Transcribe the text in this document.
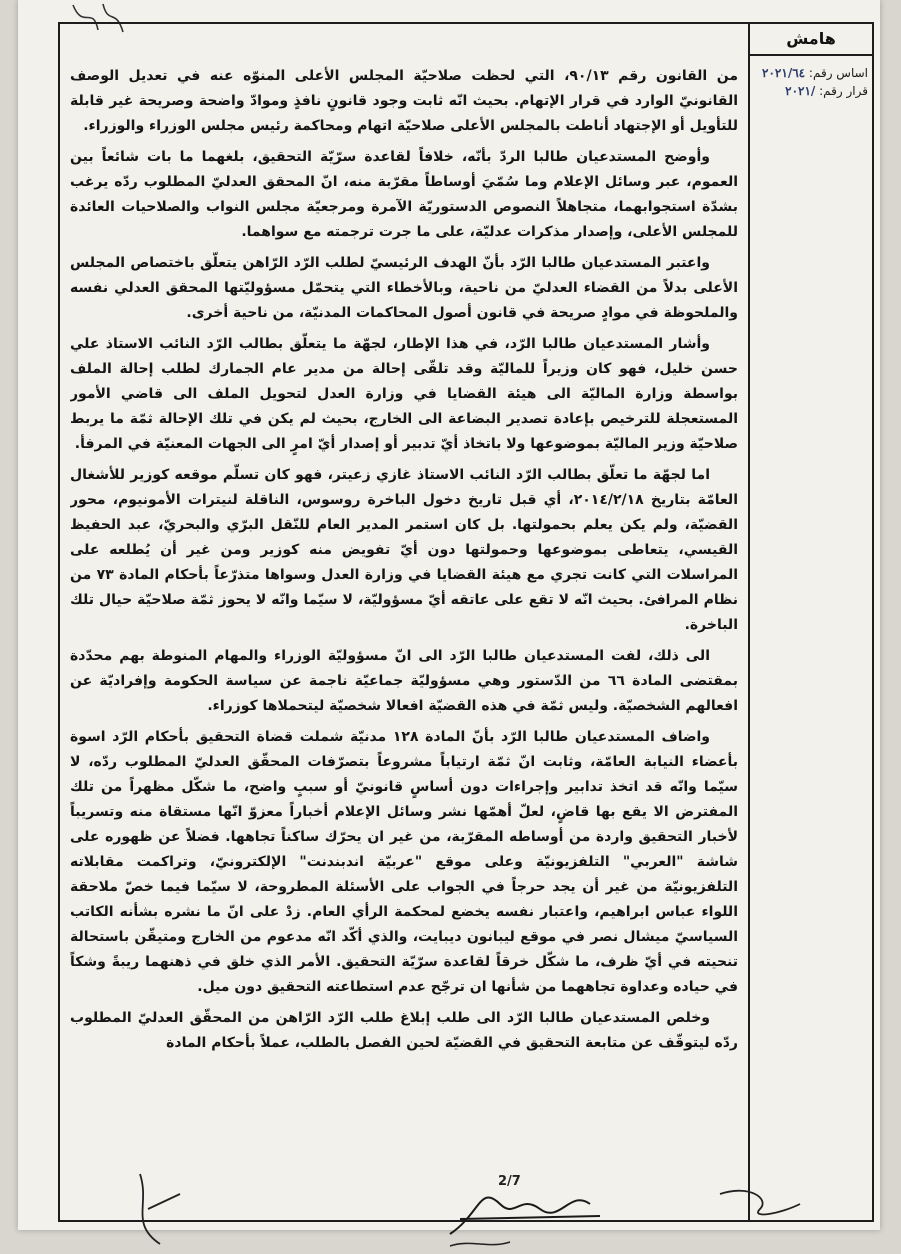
هامش
اساس رقم: ٢٠٢١/٦٤
قرار رقم: /٢٠٢١

من القانون رقم ٩٠/١٣، التي لحظت صلاحيّة المجلس الأعلى المنوّه عنه في تعديل الوصف القانونيّ الوارد في قرار الإتهام. بحيث انّه ثابت وجود قانونٍ نافذٍ وموادّ واضحة وصريحة غير قابلة للتأويل أو الإجتهاد أناطت بالمجلس الأعلى صلاحيّة اتهام ومحاكمة رئيس مجلس الوزراء والوزراء.

وأوضح المستدعيان طالبا الردّ بأنّه، خلافاً لقاعدة سرّيّة التحقيق، بلغهما ما بات شائعاً بين العموم، عبر وسائل الإعلام وما سُمّيَ أوساطاً مقرّبة منه، انّ المحقق العدليّ المطلوب ردّه يرغب بشدّة استجوابهما، متجاهلاً النصوص الدستوريّة الآمرة ومرجعيّة مجلس النواب والصلاحيات العائدة للمجلس الأعلى، وإصدار مذكرات عدليّة، على ما جرت ترجمته مع سواهما.

واعتبر المستدعيان طالبا الرّد بأنّ الهدف الرئيسيّ لطلب الرّد الرّاهن يتعلّق باختصاص المجلس الأعلى بدلاً من القضاء العدليّ من ناحية، وبالأخطاء التي يتحمّل مسؤوليّتها المحقق العدلي نفسه والملحوظة في موادٍ صريحة في قانون أصول المحاكمات المدنيّة، من ناحية أخرى.

وأشار المستدعيان طالبا الرّد، في هذا الإطار، لجهّة ما يتعلّق بطالب الرّد النائب الاستاذ علي حسن خليل، فهو كان وزيراً للماليّة وقد تلقّى إحالة من مدير عام الجمارك لطلب إحالة الملف بواسطة وزارة الماليّة الى هيئة القضايا في وزارة العدل لتحويل الملف الى قاضي الأمور المستعجلة للترخيص بإعادة تصدير البضاعة الى الخارج، بحيث لم يكن في تلك الإحالة ثمّة ما يربط صلاحيّة وزير الماليّة بموضوعها ولا باتخاذ أيّ تدبير أو إصدار أيّ امرٍ الى الجهات المعنيّة في المرفأ.

اما لجهّة ما تعلّق بطالب الرّد النائب الاستاذ غازي زعيتر، فهو كان تسلّم موقعه كوزير للأشغال العامّة بتاريخ ٢٠١٤/٢/١٨، أي قبل تاريخ دخول الباخرة روسوس، الناقلة لنيترات الأمونيوم، محور القضيّة، ولم يكن يعلم بحمولتها. بل كان استمر المدير العام للنّقل البرّي والبحريّ، عبد الحفيظ القيسي، يتعاطى بموضوعها وحمولتها دون أيّ تفويض منه كوزير ومن غير أن يُطلعه على المراسلات التي كانت تجري مع هيئة القضايا في وزارة العدل وسواها متذرّعاً بأحكام المادة ٧٣ من نظام المرافئ. بحيث انّه لا تقع على عاتقه أيّ مسؤوليّة، لا سيّما وانّه لا يحوز ثمّة صلاحيّة حيال تلك الباخرة.

الى ذلك، لفت المستدعيان طالبا الرّد الى انّ مسؤوليّة الوزراء والمهام المنوطة بهم محدّدة بمقتضى المادة ٦٦ من الدّستور وهي مسؤوليّة جماعيّة ناجمة عن سياسة الحكومة وإفراديّة عن افعالهم الشخصيّة. وليس ثمّة في هذه القضيّة افعالا شخصيّة ليتحملاها كوزراء.

واضاف المستدعيان طالبا الرّد بأنّ المادة ١٢٨ مدنيّة شملت قضاة التحقيق بأحكام الرّد اسوة بأعضاء النيابة العامّة، وثابت انّ ثمّة ارتياباً مشروعاً بتصرّفات المحقّق العدليّ المطلوب ردّه، لا سيّما وانّه قد اتخذ تدابير وإجراءات دون أساسٍ قانونيّ أو سببٍ واضح، ما شكّل مظهراً من تلك المفترض الا يقع بها قاضٍ، لعلّ أهمّها نشر وسائل الإعلام أخباراً معزوّ انّها مستقاة منه وتسريباً لأخبار التحقيق واردة من أوساطه المقرّبة، من غير ان يحرّك ساكناً تجاهها. فضلاً عن ظهوره على شاشة "العربي" التلفزيونيّة وعلى موقع "عربيّة اندبندنت" الإلكترونيّ، وتراكمت مقابلاته التلفزيونيّة من غير أن يجد حرجاً في الجواب على الأسئلة المطروحة، لا سيّما فيما خصّ ملاحقة اللواء عباس ابراهيم، واعتبار نفسه يخضع لمحكمة الرأي العام. زدْ على انّ ما نشره بشأنه الكاتب السياسيّ ميشال نصر في موقع ليبانون ديبايت، والذي أكّد انّه مدعوم من الخارج ومتيقّن باستحالة تنحيته في أيّ ظرف، ما شكّل خرقاً لقاعدة سرّيّة التحقيق. الأمر الذي خلق في ذهنهما ريبةً وشكاً في حياده وعداوة تجاههما من شأنها ان ترجّح عدم استطاعته التحقيق دون ميل.

وخلص المستدعيان طالبا الرّد الى طلب إبلاغ طلب الرّد الرّاهن من المحقّق العدليّ المطلوب ردّه ليتوقّف عن متابعة التحقيق في القضيّة لحين الفصل بالطلب، عملاً بأحكام المادة

2/7
